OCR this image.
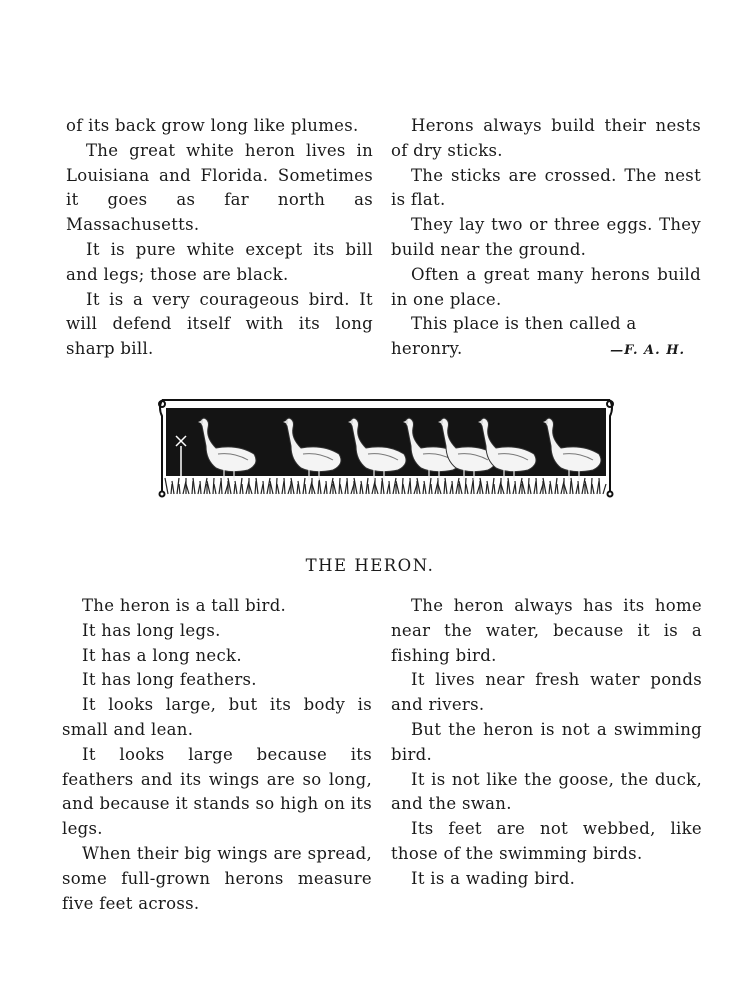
of its back grow long like plumes.

The great white heron lives in Louisiana and Florida. Sometimes it goes as far north as Massachusetts.

It is pure white except its bill and legs; those are black.

It is a very courageous bird. It will defend itself with its long sharp bill.

Herons always build their nests of dry sticks.

The sticks are crossed. The nest is flat.

They lay two or three eggs. They build near the ground.

Often a great many herons build in one place.

This place is then called a heronry.	—F. A. H.
THE HERON.

The heron is a tall bird.

It has long legs.

It has a long neck.

It has long feathers.

It looks large, but its body is small and lean.

It looks large because its feathers and its wings are so long, and because it stands so high on its legs.

When their big wings are spread, some full-grown herons measure five feet across.

The heron always has its home near the water, because it is a fishing bird.

It lives near fresh water ponds and rivers.

But the heron is not a swimming bird.

It is not like the goose, the duck, and the swan.

Its feet are not webbed, like those of the swimming birds.

It is a wading bird.
